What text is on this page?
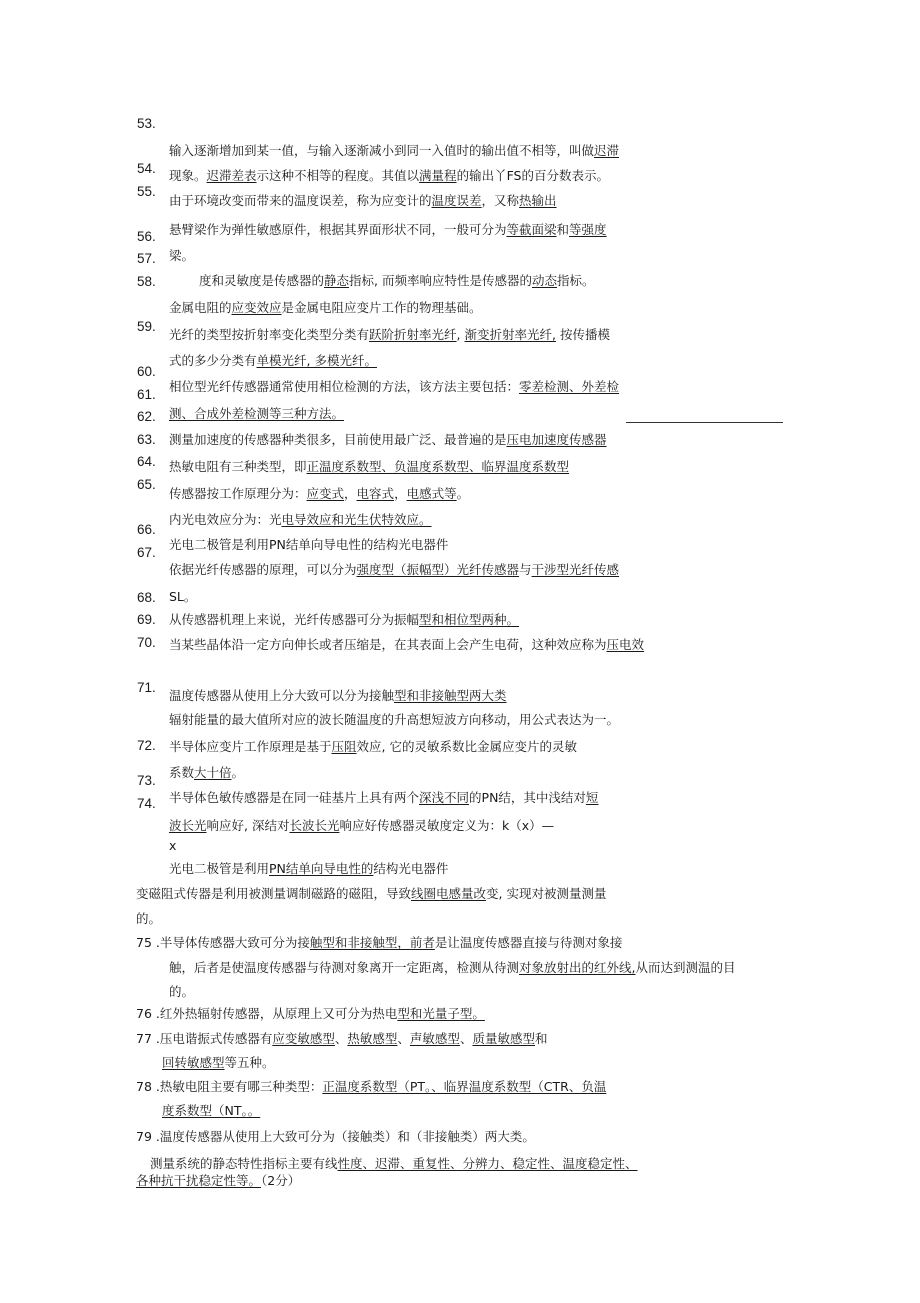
53.
54.
55.
56.
57.
58.
59.
60.
61.
62.
63.
64.
65.
66.
67.
68.
69.
70.
71.
72.
73.
74.
输入逐渐增加到某一值，与输入逐渐减小到同一入值时的输出值不相等，叫做迟滞
现象。迟滞差表示这种不相等的程度。其值以满量程的输出丫FS的百分数表示。
由于环境改变而带来的温度误差，称为应变计的温度误差，又称热输出
悬臂梁作为弹性敏感原件，根据其界面形状不同，一般可分为等截面梁和等强度
梁。
度和灵敏度是传感器的静态指标, 而频率响应特性是传感器的动态指标。
金属电阻的应变效应是金属电阻应变片工作的物理基础。
光纤的类型按折射率变化类型分类有跃阶折射率光纤, 渐变折射率光纤, 按传播模
式的多少分类有单模光纤, 多模光纤。
相位型光纤传感器通常使用相位检测的方法，该方法主要包括：零差检测、外差检
测、合成外差检测等三种方法。
测量加速度的传感器种类很多，目前使用最广泛、最普遍的是压电加速度传感器
热敏电阻有三种类型，即正温度系数型、负温度系数型、临界温度系数型
传感器按工作原理分为：应变式，电容式，电感式等。
内光电效应分为：光电导效应和光生伏特效应。
光电二极管是利用PN结单向导电性的结构光电器件
依据光纤传感器的原理，可以分为强度型（振幅型）光纤传感器与干涉型光纤传感
SL。
从传感器机理上来说，光纤传感器可分为振幅型和相位型两种。
当某些晶体沿一定方向伸长或者压缩是，在其表面上会产生电荷，这种效应称为压电效
温度传感器从使用上分大致可以分为接触型和非接触型两大类
辐射能量的最大值所对应的波长随温度的升高想短波方向移动，用公式表达为一。
半导体应变片工作原理是基于压阻效应, 它的灵敏系数比金属应变片的灵敏
系数大十倍。
半导体色敏传感器是在同一硅基片上具有两个深浅不同的PN结，其中浅结对短
波长光响应好, 深结对长波长光响应好传感器灵敏度定义为：k（x）—
x
光电二极管是利用PN结单向导电性的结构光电器件
变磁阻式传器是利用被测量调制磁路的磁阻，导致线圈电感量改变, 实现对被测量测量
的。
75 .半导体传感器大致可分为接触型和非接触型，前者是让温度传感器直接与待测对象接
触，后者是使温度传感器与待测对象离开一定距离，检测从待测对象放射出的红外线,从而达到测温的目
的。
76 .红外热辐射传感器，从原理上又可分为热电型和光量子型。
77 .压电谐振式传感器有应变敏感型、热敏感型、声敏感型、质量敏感型和
回转敏感型等五种。
78 .热敏电阻主要有哪三种类型：正温度系数型（PT。、临界温度系数型（CTR、负温
度系数型（NT。。
79 .温度传感器从使用上大致可分为（接触类）和（非接触类）两大类。
测量系统的静态特性指标主要有线性度、迟滞、重复性、分辨力、稳定性、温度稳定性、
各种抗干扰稳定性等。（2分）
